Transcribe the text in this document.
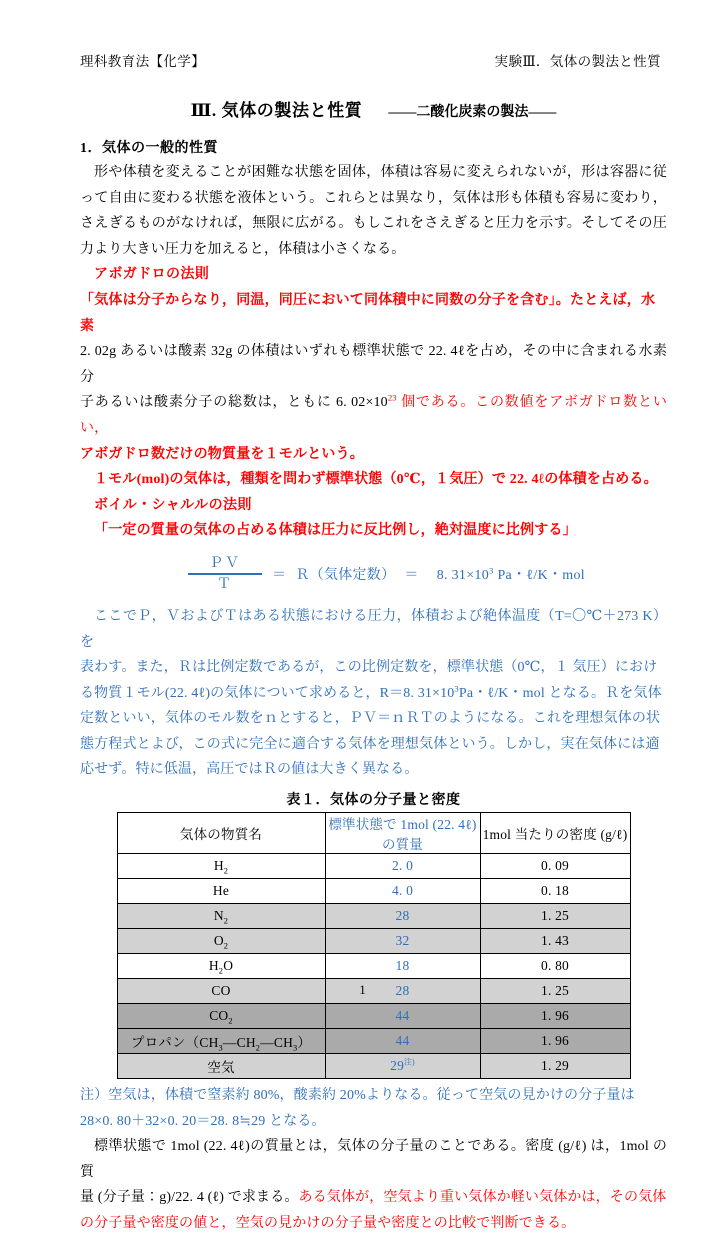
理科教育法【化学】	実験Ⅲ．気体の製法と性質
Ⅲ. 気体の製法と性質 ——二酸化炭素の製法——
1．気体の一般的性質

形や体積を変えることが困難な状態を固体，体積は容易に変えられないが，形は容器に従って自由に変わる状態を液体という。これらとは異なり，気体は形も体積も容易に変わり，さえぎるものがなければ，無限に広がる。もしこれをさえぎると圧力を示す。そしてその圧力より大きい圧力を加えると，体積は小さくなる。

アボガドロの法則

「気体は分子からなり，同温，同圧において同体積中に同数の分子を含む」。たとえば，水素

2. 02g あるいは酸素 32g の体積はいずれも標準状態で 22. 4ℓを占め，その中に含まれる水素分

子あるいは酸素分子の総数は，ともに 6. $02\times 10^{23}$ 個である。この数値をアボガドロ数といい，

アボガドロ数だけの物質量を１モルという。

１モル(mol)の気体は，種類を問わず標準状態（0℃，１気圧）で 22. 4ℓの体積を占める。

ボイル・シャルルの法則

「一定の質量の気体の占める体積は圧力に反比例し，絶対温度に比例する」

$\frac{\text{ＰＶ}}{\text{Ｔ}}$ ＝ Ｒ（気体定数） ＝ 8. $31\times 10^3$ Pa・ℓ/K・mol

ここでＰ，ＶおよびＴはある状態における圧力，体積および絶体温度（T=〇℃＋273 K）を

表わす。また，Ｒは比例定数であるが，この比例定数を，標準状態（0℃，１ 気圧）におけ

る物質１モル(22. 4ℓ)の気体について求めると，R＝8. $31\times 10^3Pa$・ℓ/K・mol となる。Ｒを気体

定数といい，気体のモル数をｎとすると，ＰＶ＝ｎＲＴのようになる。これを理想気体の状

態方程式とよび，この式に完全に適合する気体を理想気体という。しかし，実在気体には適

応せず。特に低温，高圧ではＲの値は大きく異なる。

表１．気体の分子量と密度
気体の物質名	標準状態で 1mol (22. 4ℓ)の質量	1mol 当たりの密度 (g/ℓ)
$H_2$	2. 0	0. 09
He	4. 0	0. 18
$N_2$	28	1. 25
$O_2$	32	1. 43
$H_2O$	18	0. 80
CO	28	1. 25
$CO_2$	44	1. 96
プロパン$(CH_3—CH_2—CH_3)$	44	1. 96
空気	29$^{注)}$	1. 29

注）空気は，体積で窒素約 80%，酸素約 20%よりなる。従って空気の見かけの分子量は

28×0. 80＋32×0. 20＝28. 8≒29 となる。

標準状態で 1mol (22. 4ℓ)の質量とは，気体の分子量のことである。密度 (g/ℓ) は，1mol の質

量 (分子量：g)/22. 4 (ℓ) で求まる。ある気体が，空気より重い気体か軽い気体かは，その気体

の分子量や密度の値と，空気の見かけの分子量や密度との比較で判断できる。

1
